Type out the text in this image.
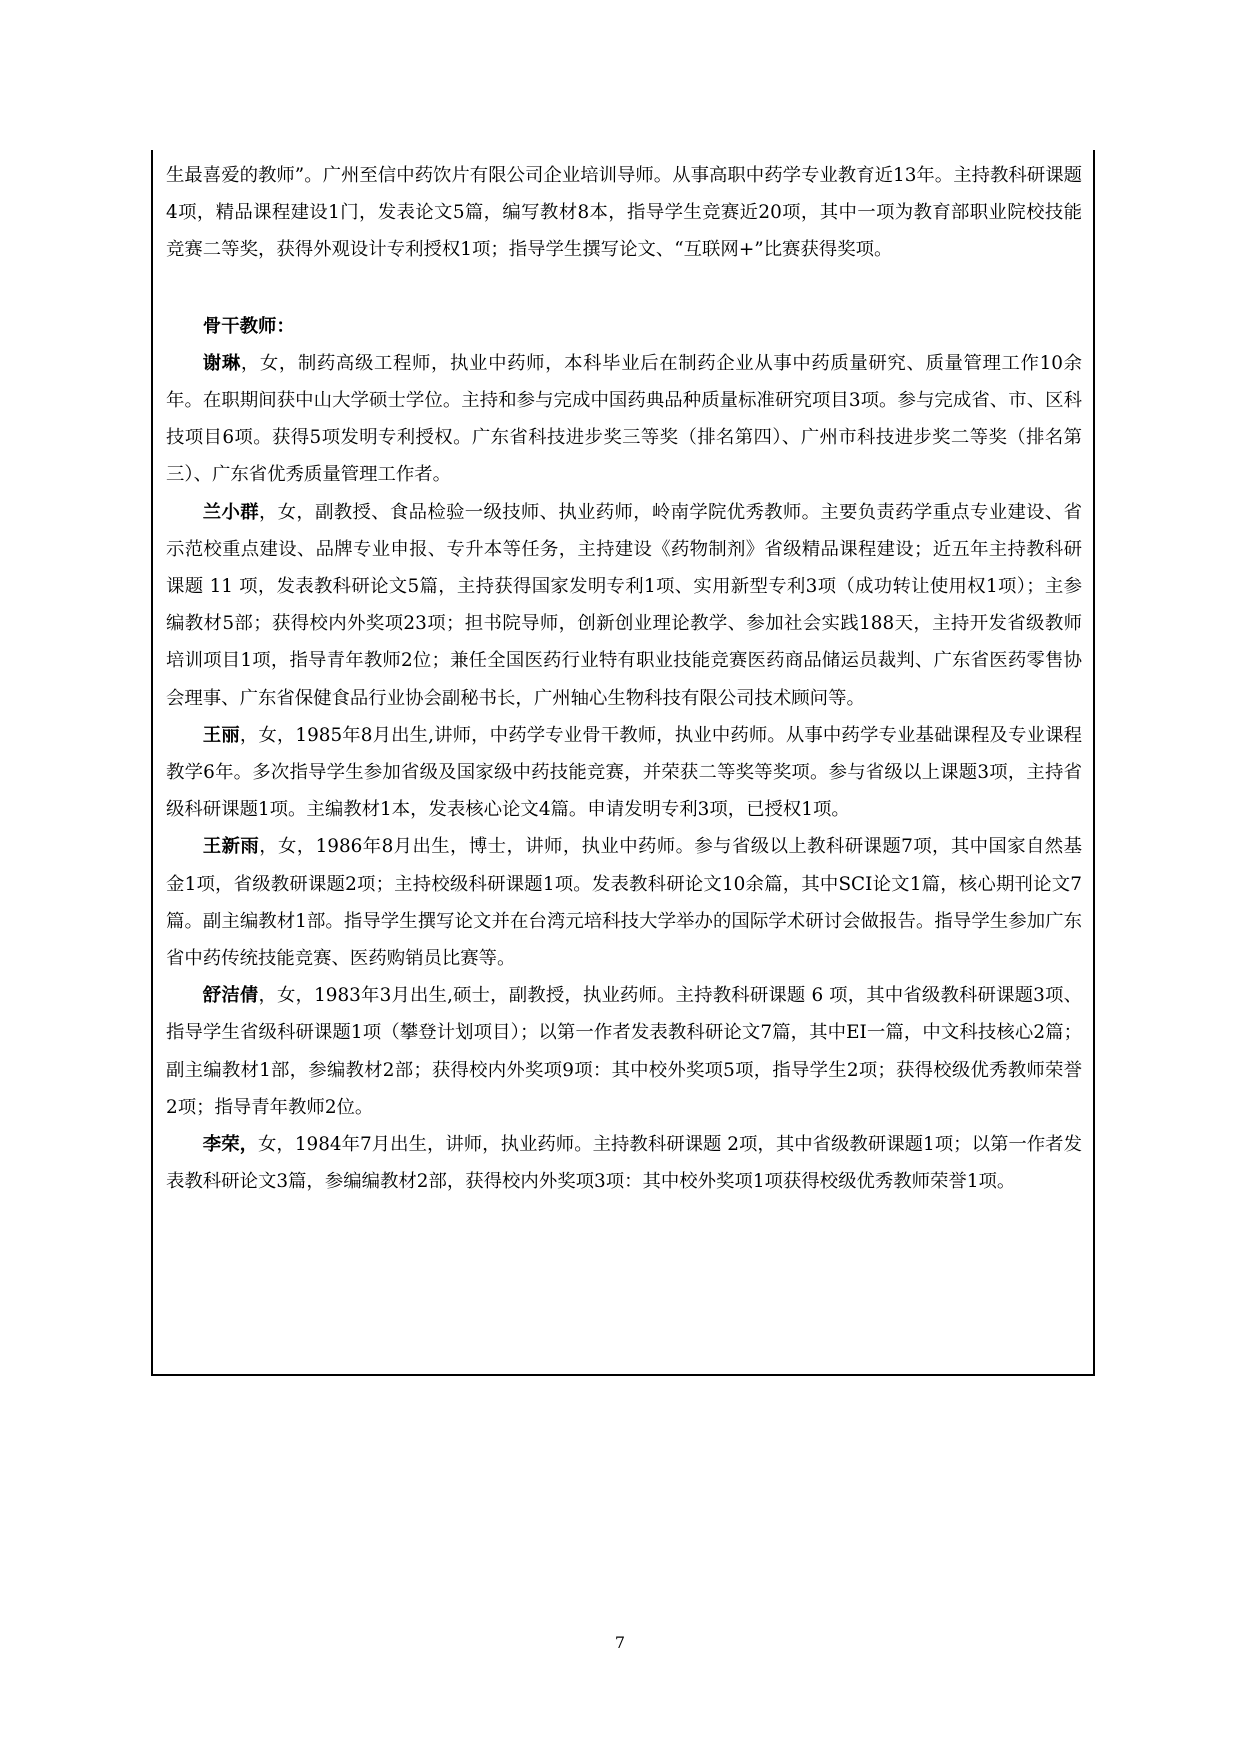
生最喜爱的教师”。广州至信中药饮片有限公司企业培训导师。从事高职中药学专业教育近13年。主持教科研课题4项，精品课程建设1门，发表论文5篇，编写教材8本，指导学生竞赛近20项，其中一项为教育部职业院校技能竞赛二等奖，获得外观设计专利授权1项；指导学生撰写论文、“互联网+”比赛获得奖项。

骨干教师：

谢琳，女，制药高级工程师，执业中药师，本科毕业后在制药企业从事中药质量研究、质量管理工作10余年。在职期间获中山大学硕士学位。主持和参与完成中国药典品种质量标准研究项目3项。参与完成省、市、区科技项目6项。获得5项发明专利授权。广东省科技进步奖三等奖（排名第四）、广州市科技进步奖二等奖（排名第三）、广东省优秀质量管理工作者。

兰小群，女，副教授、食品检验一级技师、执业药师，岭南学院优秀教师。主要负责药学重点专业建设、省示范校重点建设、品牌专业申报、专升本等任务，主持建设《药物制剂》省级精品课程建设；近五年主持教科研课题 11 项，发表教科研论文5篇，主持获得国家发明专利1项、实用新型专利3项（成功转让使用权1项）；主参编教材5部；获得校内外奖项23项；担书院导师，创新创业理论教学、参加社会实践188天，主持开发省级教师培训项目1项，指导青年教师2位；兼任全国医药行业特有职业技能竞赛医药商品储运员裁判、广东省医药零售协会理事、广东省保健食品行业协会副秘书长，广州轴心生物科技有限公司技术顾问等。

王丽，女，1985年8月出生,讲师，中药学专业骨干教师，执业中药师。从事中药学专业基础课程及专业课程教学6年。多次指导学生参加省级及国家级中药技能竞赛，并荣获二等奖等奖项。参与省级以上课题3项，主持省级科研课题1项。主编教材1本，发表核心论文4篇。申请发明专利3项，已授权1项。

王新雨，女，1986年8月出生，博士，讲师，执业中药师。参与省级以上教科研课题7项，其中国家自然基金1项，省级教研课题2项；主持校级科研课题1项。发表教科研论文10余篇，其中SCI论文1篇，核心期刊论文7篇。副主编教材1部。指导学生撰写论文并在台湾元培科技大学举办的国际学术研讨会做报告。指导学生参加广东省中药传统技能竞赛、医药购销员比赛等。

舒洁倩，女，1983年3月出生,硕士，副教授，执业药师。主持教科研课题 6 项，其中省级教科研课题3项、指导学生省级科研课题1项（攀登计划项目）；以第一作者发表教科研论文7篇，其中EI一篇，中文科技核心2篇；副主编教材1部，参编教材2部；获得校内外奖项9项：其中校外奖项5项，指导学生2项；获得校级优秀教师荣誉2项；指导青年教师2位。

李荣，女，1984年7月出生，讲师，执业药师。主持教科研课题 2项，其中省级教研课题1项；以第一作者发表教科研论文3篇，参编编教材2部，获得校内外奖项3项：其中校外奖项1项获得校级优秀教师荣誉1项。

7
